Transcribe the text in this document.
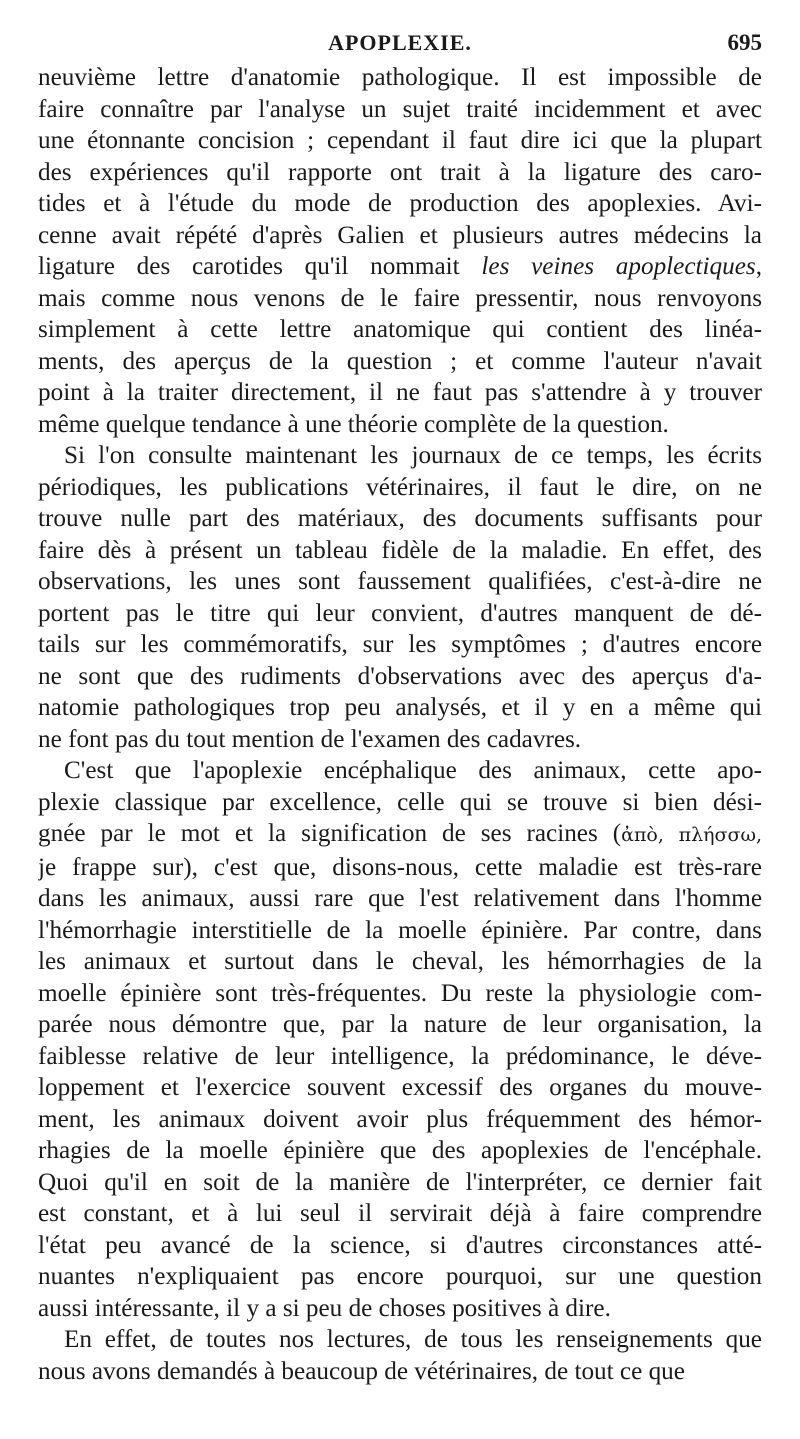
APOPLEXIE.	695
neuvième lettre d'anatomie pathologique. Il est impossible de
faire connaître par l'analyse un sujet traité incidemment et avec
une étonnante concision ; cependant il faut dire ici que la plupart
des expériences qu'il rapporte ont trait à la ligature des caro-
tides et à l'étude du mode de production des apoplexies. Avi-
cenne avait répété d'après Galien et plusieurs autres médecins la
ligature des carotides qu'il nommait les veines apoplectiques,
mais comme nous venons de le faire pressentir, nous renvoyons
simplement à cette lettre anatomique qui contient des linéa-
ments, des aperçus de la question ; et comme l'auteur n'avait
point à la traiter directement, il ne faut pas s'attendre à y trouver
même quelque tendance à une théorie complète de la question.
Si l'on consulte maintenant les journaux de ce temps, les écrits
périodiques, les publications vétérinaires, il faut le dire, on ne
trouve nulle part des matériaux, des documents suffisants pour
faire dès à présent un tableau fidèle de la maladie. En effet, des
observations, les unes sont faussement qualifiées, c'est-à-dire ne
portent pas le titre qui leur convient, d'autres manquent de dé-
tails sur les commémoratifs, sur les symptômes ; d'autres encore
ne sont que des rudiments d'observations avec des aperçus d'a-
natomie pathologiques trop peu analysés, et il y en a même qui
ne font pas du tout mention de l'examen des cadavres.
C'est que l'apoplexie encéphalique des animaux, cette apo-
plexie classique par excellence, celle qui se trouve si bien dési-
gnée par le mot et la signification de ses racines (ἀπὸ, πλήσσω,
je frappe sur), c'est que, disons-nous, cette maladie est très-rare
dans les animaux, aussi rare que l'est relativement dans l'homme
l'hémorrhagie interstitielle de la moelle épinière. Par contre, dans
les animaux et surtout dans le cheval, les hémorrhagies de la
moelle épinière sont très-fréquentes. Du reste la physiologie com-
parée nous démontre que, par la nature de leur organisation, la
faiblesse relative de leur intelligence, la prédominance, le déve-
loppement et l'exercice souvent excessif des organes du mouve-
ment, les animaux doivent avoir plus fréquemment des hémor-
rhagies de la moelle épinière que des apoplexies de l'encéphale.
Quoi qu'il en soit de la manière de l'interpréter, ce dernier fait
est constant, et à lui seul il servirait déjà à faire comprendre
l'état peu avancé de la science, si d'autres circonstances atté-
nuantes n'expliquaient pas encore pourquoi, sur une question
aussi intéressante, il y a si peu de choses positives à dire.
En effet, de toutes nos lectures, de tous les renseignements que
nous avons demandés à beaucoup de vétérinaires, de tout ce que
